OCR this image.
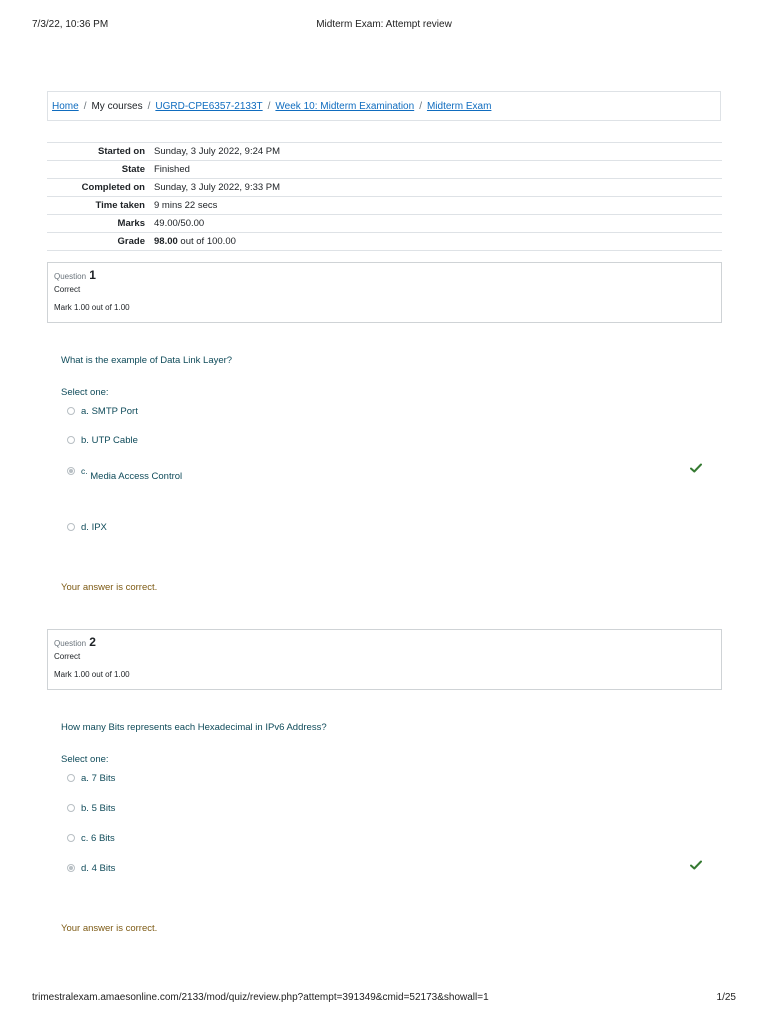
7/3/22, 10:36 PM	Midterm Exam: Attempt review
Home / My courses / UGRD-CPE6357-2133T / Week 10: Midterm Examination / Midterm Exam
Started on	Sunday, 3 July 2022, 9:24 PM
State	Finished
Completed on	Sunday, 3 July 2022, 9:33 PM
Time taken	9 mins 22 secs
Marks	49.00/50.00
Grade	98.00 out of 100.00
Question 1
Correct
Mark 1.00 out of 1.00
What is the example of Data Link Layer?
Select one:
a.
SMTP Port
b.
UTP Cable
c.
Media Access Control
d.
IPX
Your answer is correct.
Question 2
Correct
Mark 1.00 out of 1.00
How many Bits represents each Hexadecimal in IPv6 Address?
Select one:
a.
7 Bits
b.
5 Bits
c.
6 Bits
d.
4 Bits
Your answer is correct.
trimestralexam.amaesonline.com/2133/mod/quiz/review.php?attempt=391349&cmid=52173&showall=1	1/25
